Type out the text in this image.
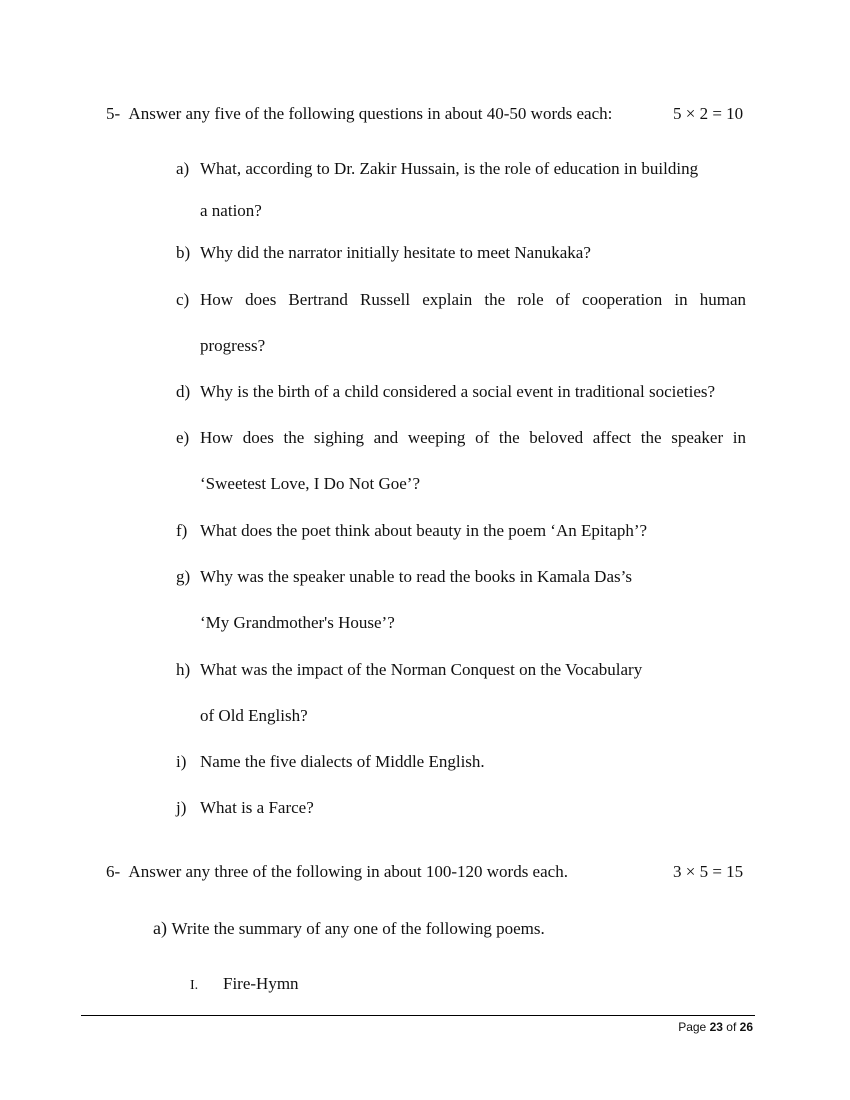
5- Answer any five of the following questions in about 40-50 words each:	5 × 2 = 10
a) What, according to Dr. Zakir Hussain, is the role of education in building
a nation?
b) Why did the narrator initially hesitate to meet Nanukaka?
c) How does Bertrand Russell explain the role of cooperation in human
progress?
d) Why is the birth of a child considered a social event in traditional societies?
e) How does the sighing and weeping of the beloved affect the speaker in
‘Sweetest Love, I Do Not Goe’?
f) What does the poet think about beauty in the poem ‘An Epitaph’?
g) Why was the speaker unable to read the books in Kamala Das’s
‘My Grandmother's House’?
h) What was the impact of the Norman Conquest on the Vocabulary
of Old English?
i) Name the five dialects of Middle English.
j) What is a Farce?
6- Answer any three of the following in about 100-120 words each.	3 × 5 = 15
a) Write the summary of any one of the following poems.
I. Fire-Hymn
Page 23 of 26
